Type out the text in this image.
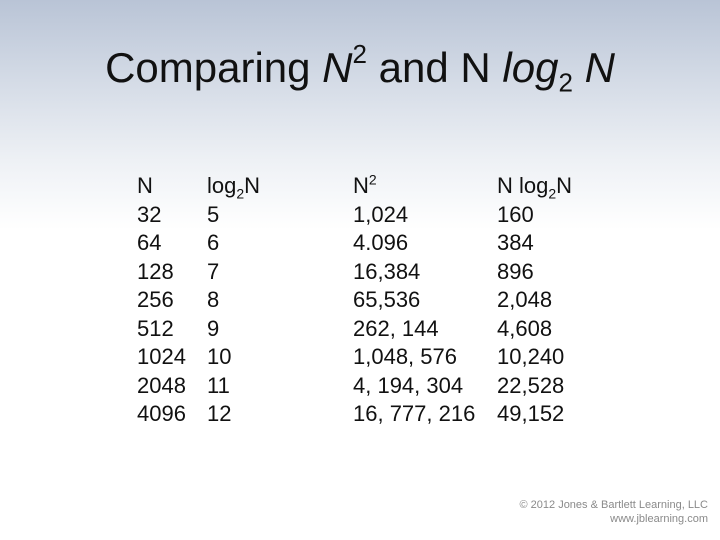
Comparing $N^2$ and N $\log_2 N$
N
32
64
128
256
512
1024
2048
4096
$\log_2N$
5
6
7
8
9
10
11
12
$N^2$
1,024
4.096
16,384
65,536
262, 144
1,048, 576
4, 194, 304
16, 777, 216
N $\log_2N$
160
384
896
2,048
4,608
10,240
22,528
49,152
© 2012 Jones & Bartlett Learning, LLC
www.jblearning.com
